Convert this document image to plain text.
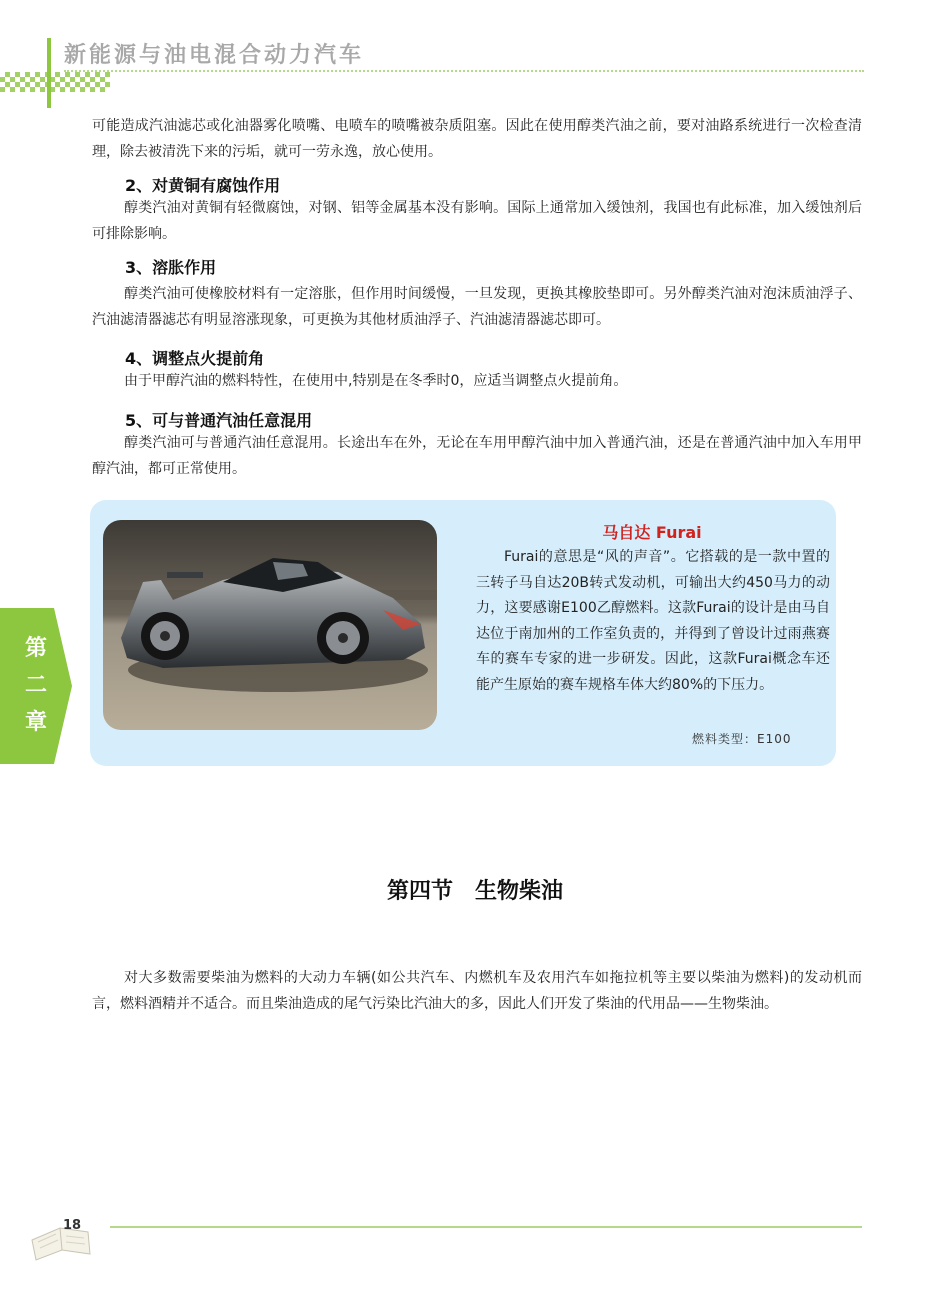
新能源与油电混合动力汽车
可能造成汽油滤芯或化油器雾化喷嘴、电喷车的喷嘴被杂质阻塞。因此在使用醇类汽油之前，要对油路系统进行一次检查清理，除去被清洗下来的污垢，就可一劳永逸，放心使用。
2、对黄铜有腐蚀作用
醇类汽油对黄铜有轻微腐蚀，对钢、铝等金属基本没有影响。国际上通常加入缓蚀剂，我国也有此标准，加入缓蚀剂后可排除影响。
3、溶胀作用
醇类汽油可使橡胶材料有一定溶胀，但作用时间缓慢，一旦发现，更换其橡胶垫即可。另外醇类汽油对泡沫质油浮子、汽油滤清器滤芯有明显溶涨现象，可更换为其他材质油浮子、汽油滤清器滤芯即可。
4、调整点火提前角
由于甲醇汽油的燃料特性，在使用中,特别是在冬季时0，应适当调整点火提前角。
5、可与普通汽油任意混用
醇类汽油可与普通汽油任意混用。长途出车在外，无论在车用甲醇汽油中加入普通汽油，还是在普通汽油中加入车用甲醇汽油，都可正常使用。
马自达 Furai
Furai的意思是“风的声音”。它搭载的是一款中置的三转子马自达20B转式发动机，可输出大约450马力的动力，这要感谢E100乙醇燃料。这款Furai的设计是由马自达位于南加州的工作室负责的，并得到了曾设计过雨燕赛车的赛车专家的进一步研发。因此，这款Furai概念车还能产生原始的赛车规格车体大约80%的下压力。
燃料类型：E100
第
二
章
第四节　生物柴油
对大多数需要柴油为燃料的大动力车辆(如公共汽车、内燃机车及农用汽车如拖拉机等主要以柴油为燃料)的发动机而言，燃料酒精并不适合。而且柴油造成的尾气污染比汽油大的多，因此人们开发了柴油的代用品——生物柴油。
18
